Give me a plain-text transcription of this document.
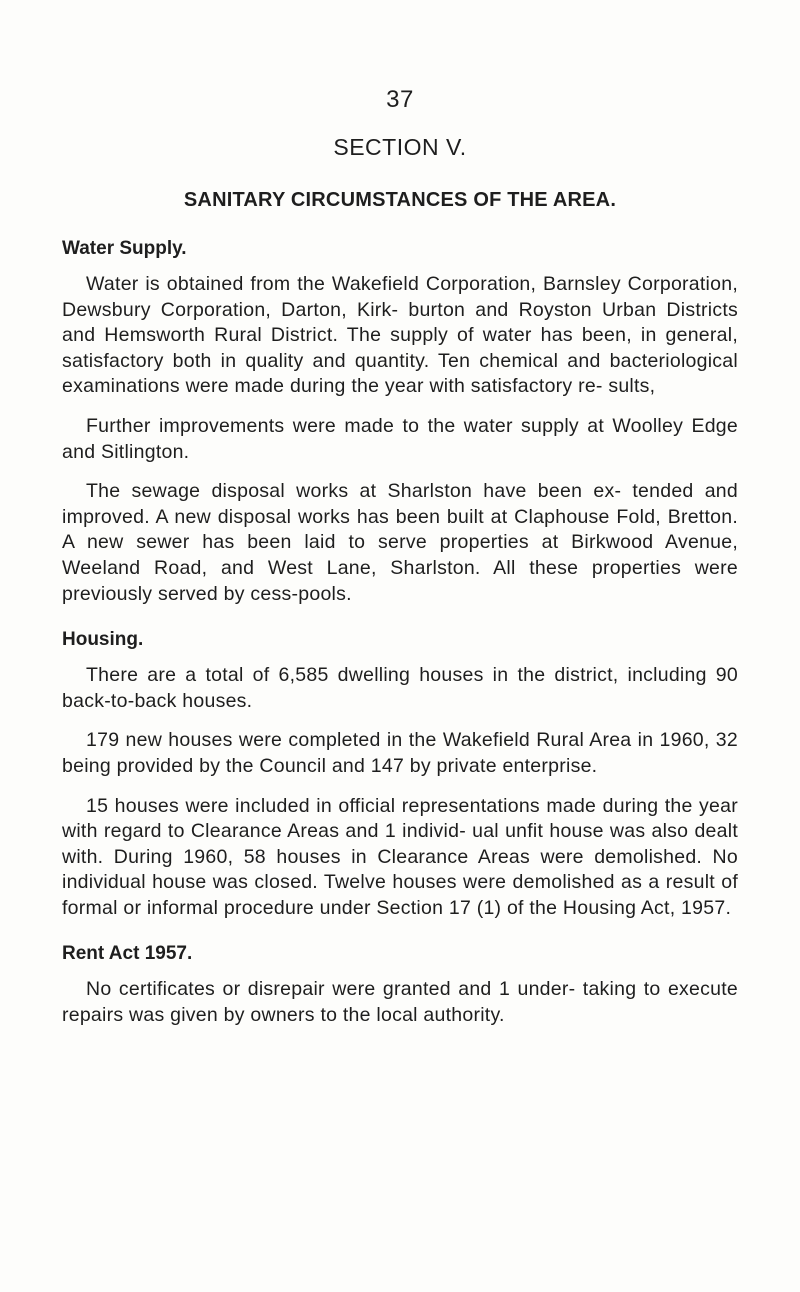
37
SECTION V.
SANITARY CIRCUMSTANCES OF THE AREA.
Water Supply.

Water is obtained from the Wakefield Corporation, Barnsley Corporation, Dewsbury Corporation, Darton, Kirk- burton and Royston Urban Districts and Hemsworth Rural District. The supply of water has been, in general, satisfactory both in quality and quantity. Ten chemical and bacteriological examinations were made during the year with satisfactory re- sults,

Further improvements were made to the water supply at Woolley Edge and Sitlington.

The sewage disposal works at Sharlston have been ex- tended and improved. A new disposal works has been built at Claphouse Fold, Bretton. A new sewer has been laid to serve properties at Birkwood Avenue, Weeland Road, and West Lane, Sharlston. All these properties were previously served by cess-pools.

Housing.

There are a total of 6,585 dwelling houses in the district, including 90 back-to-back houses.

179 new houses were completed in the Wakefield Rural Area in 1960, 32 being provided by the Council and 147 by private enterprise.

15 houses were included in official representations made during the year with regard to Clearance Areas and 1 individ- ual unfit house was also dealt with. During 1960, 58 houses in Clearance Areas were demolished. No individual house was closed. Twelve houses were demolished as a result of formal or informal procedure under Section 17 (1) of the Housing Act, 1957.

Rent Act 1957.

No certificates or disrepair were granted and 1 under- taking to execute repairs was given by owners to the local authority.
